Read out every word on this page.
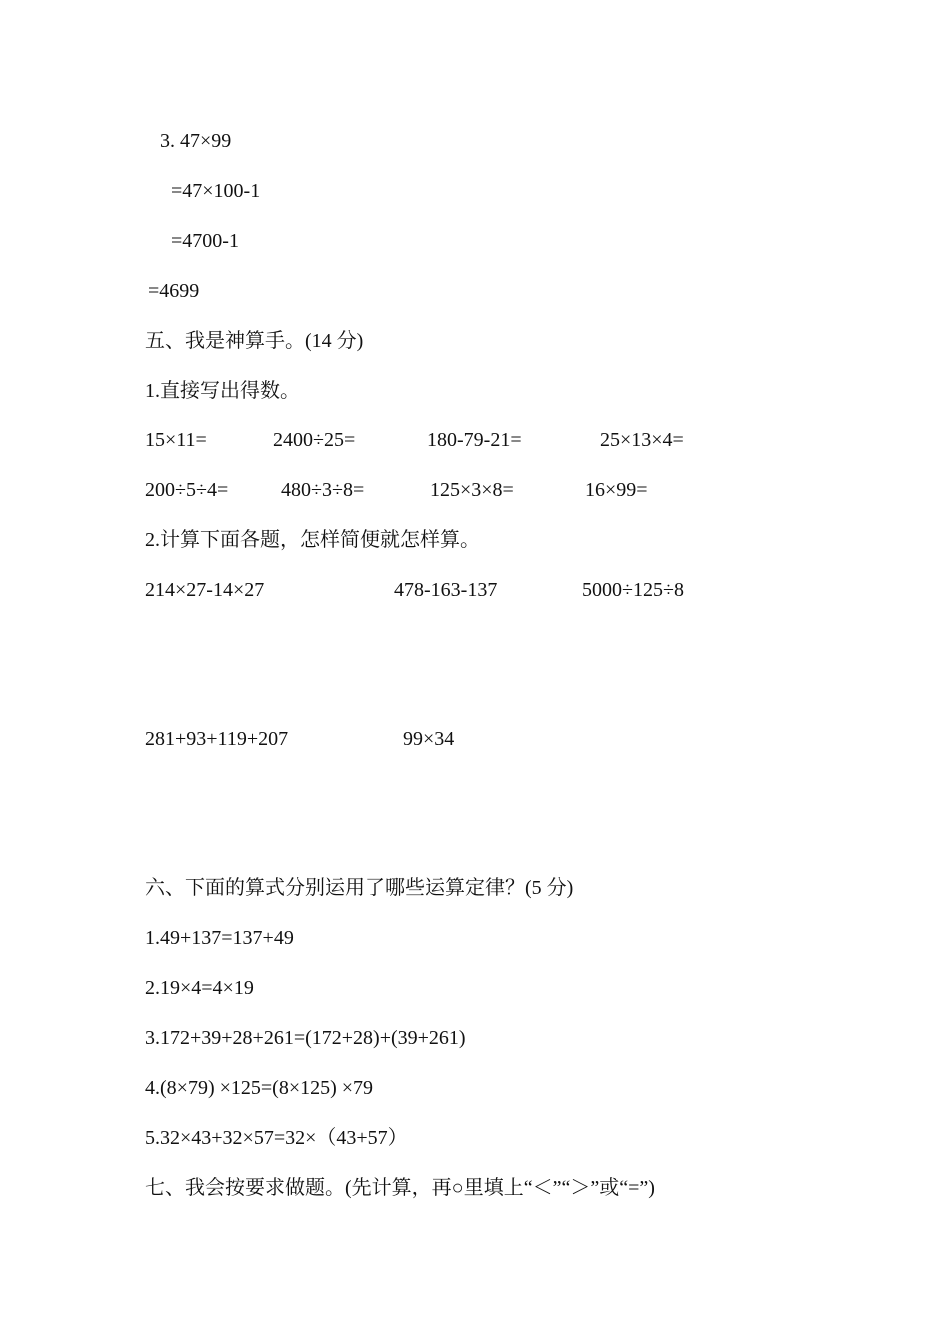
3. 47×99
=47×100-1
=4700-1
=4699
五、我是神算手。(14 分)
1.直接写出得数。
15×11=	2400÷25=	180-79-21=	25×13×4=
200÷5÷4=	480÷3÷8=	125×3×8=	16×99=
2.计算下面各题，怎样简便就怎样算。
214×27-14×27	478-163-137	5000÷125÷8
281+93+119+207	99×34
六、下面的算式分别运用了哪些运算定律？(5 分)
1.49+137=137+49
2.19×4=4×19
3.172+39+28+261=(172+28)+(39+261)
4.(8×79) ×125=(8×125) ×79
5.32×43+32×57=32×（43+57）
七、我会按要求做题。(先计算，再○里填上“＜”“＞”或“=”)
